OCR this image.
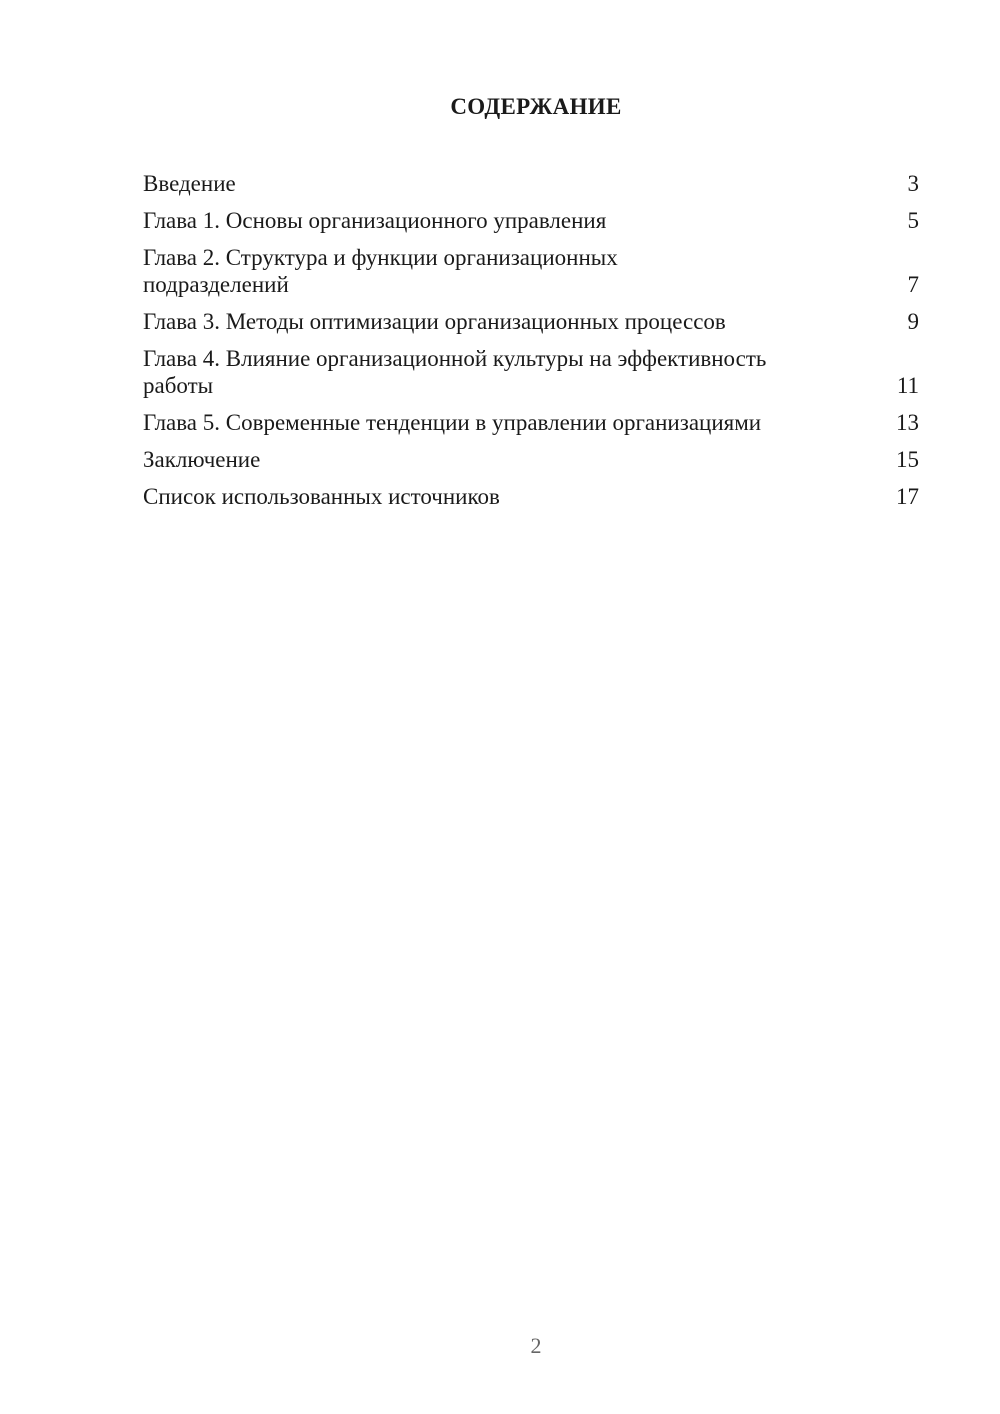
СОДЕРЖАНИЕ
Введение	3
Глава 1. Основы организационного управления	5
Глава 2. Структура и функции организационных подразделений	7
Глава 3. Методы оптимизации организационных процессов	9
Глава 4. Влияние организационной культуры на эффективность работы	11
Глава 5. Современные тенденции в управлении организациями	13
Заключение	15
Список использованных источников	17
2
